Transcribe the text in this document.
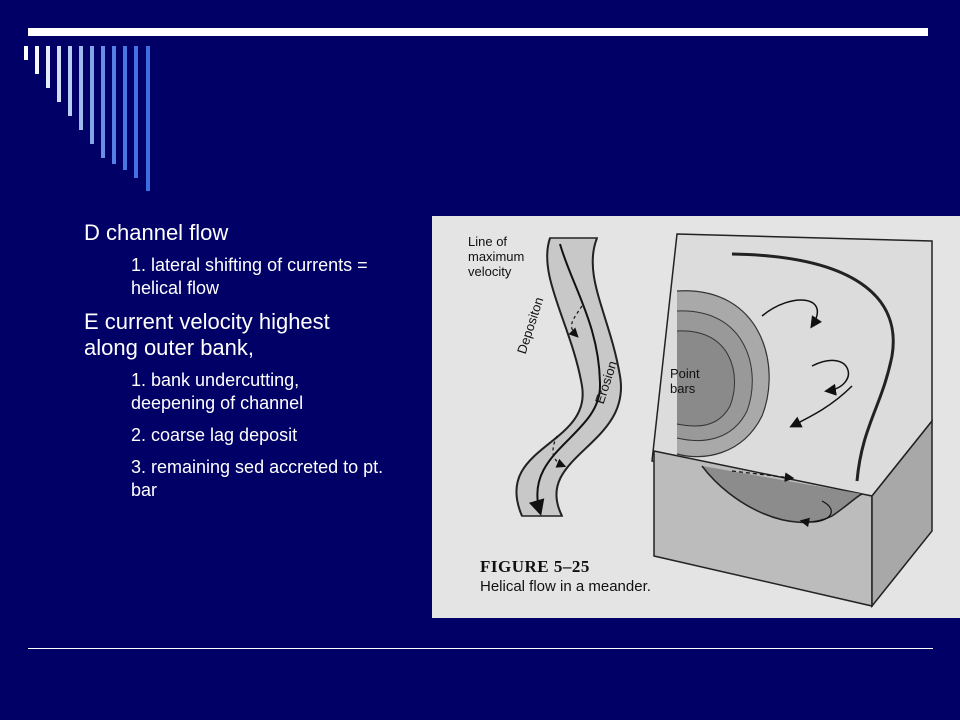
D channel flow

1. lateral shifting of currents = helical flow

E current velocity highest along outer bank,

1. bank undercutting, deepening of channel

2. coarse lag deposit

3. remaining sed accreted to pt. bar

Line of maximum velocity
Depositon
Erosion	Point bars
FIGURE 5–25
Helical flow in a meander.
